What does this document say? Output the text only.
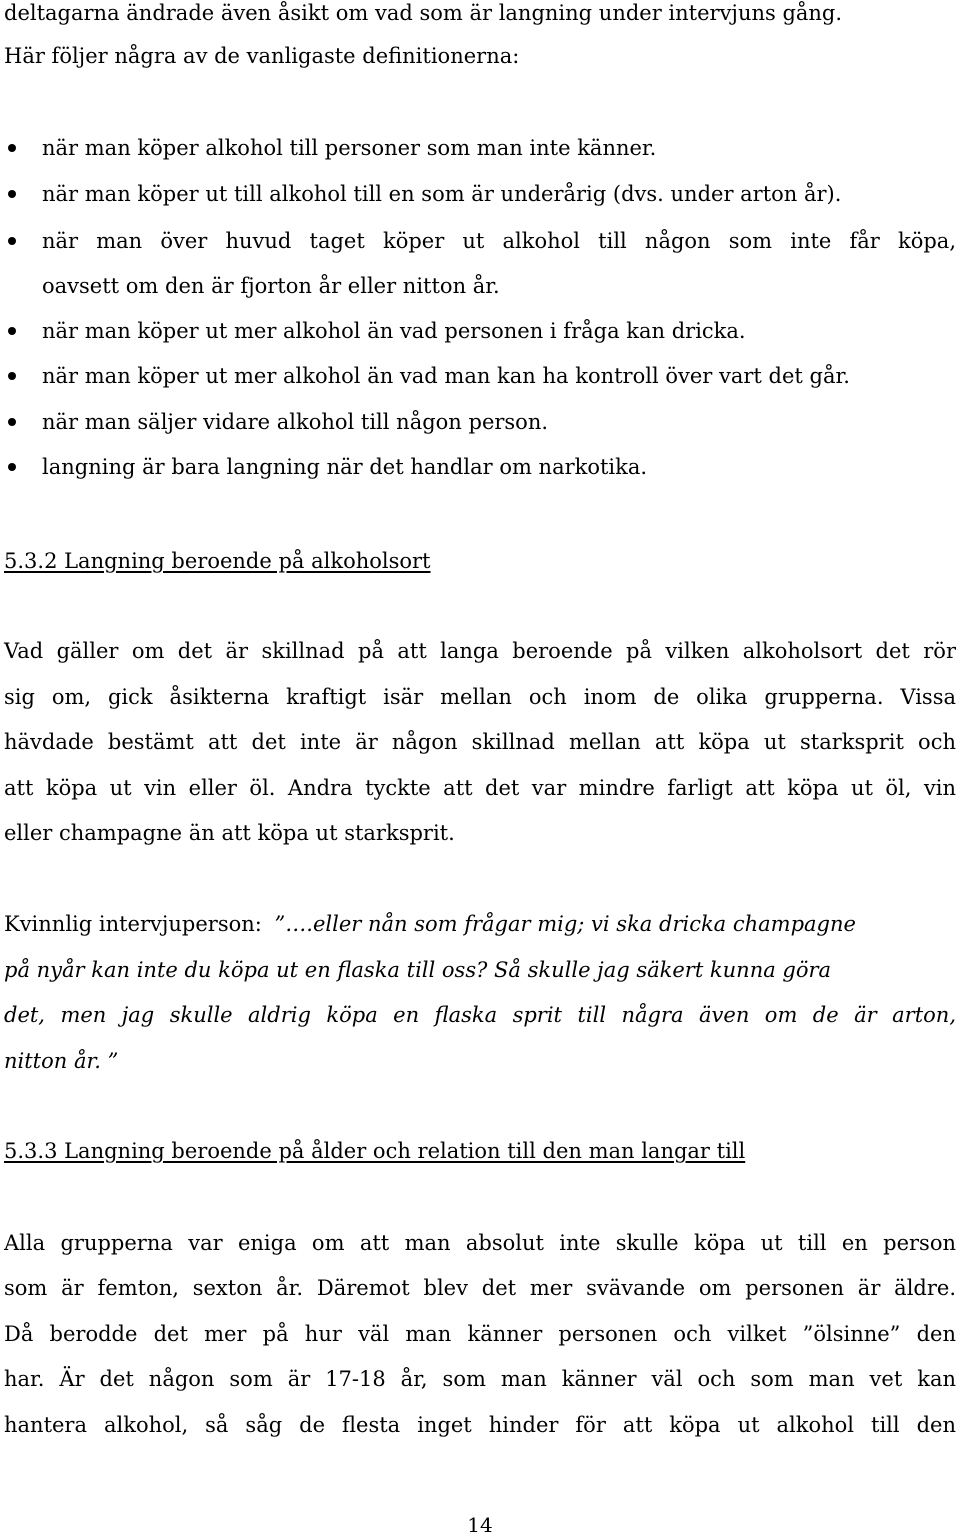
deltagarna ändrade även åsikt om vad som är langning under intervjuns gång.
Här följer några av de vanligaste definitionerna:
när man köper alkohol till personer som man inte känner.
när man köper ut till alkohol till en som är underårig (dvs. under arton år).
när man över huvud taget köper ut alkohol till någon som inte får köpa,
oavsett om den är fjorton år eller nitton år.
när man köper ut mer alkohol än vad personen i fråga kan dricka.
när man köper ut mer alkohol än vad man kan ha kontroll över vart det går.
när man säljer vidare alkohol till någon person.
langning är bara langning när det handlar om narkotika.
5.3.2 Langning beroende på alkoholsort
Vad gäller om det är skillnad på att langa beroende på vilken alkoholsort det rör
sig om, gick åsikterna kraftigt isär mellan och inom de olika grupperna. Vissa
hävdade bestämt att det inte är någon skillnad mellan att köpa ut starksprit och
att köpa ut vin eller öl. Andra tyckte att det var mindre farligt att köpa ut öl, vin
eller champagne än att köpa ut starksprit.
Kvinnlig intervjuperson: ”….eller nån som frågar mig; vi ska dricka champagne
på nyår kan inte du köpa ut en flaska till oss? Så skulle jag säkert kunna göra
det, men jag skulle aldrig köpa en flaska sprit till några även om de är arton,
nitton år. ”
5.3.3 Langning beroende på ålder och relation till den man langar till
Alla grupperna var eniga om att man absolut inte skulle köpa ut till en person
som är femton, sexton år. Däremot blev det mer svävande om personen är äldre.
Då berodde det mer på hur väl man känner personen och vilket ”ölsinne” den
har. Är det någon som är 17-18 år, som man känner väl och som man vet kan
hantera alkohol, så såg de flesta inget hinder för att köpa ut alkohol till den
14
